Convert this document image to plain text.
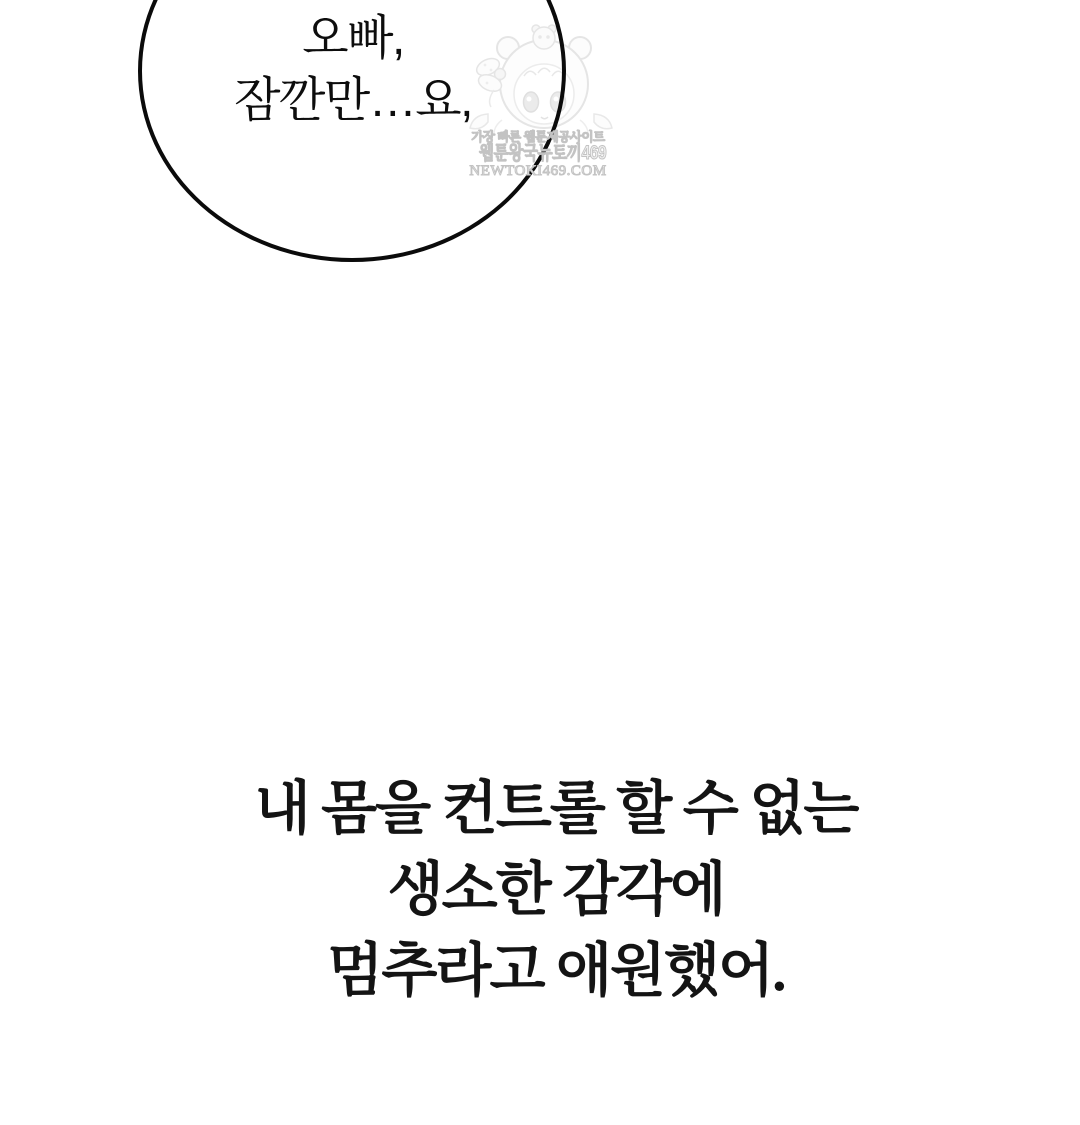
오빠,
잠깐만…요,
가장 빠른 웹툰제공사이트
웹툰왕국뉴토끼469
NEWTOKI469.COM
내 몸을 컨트롤 할 수 없는
생소한 감각에
멈추라고 애원했어.
